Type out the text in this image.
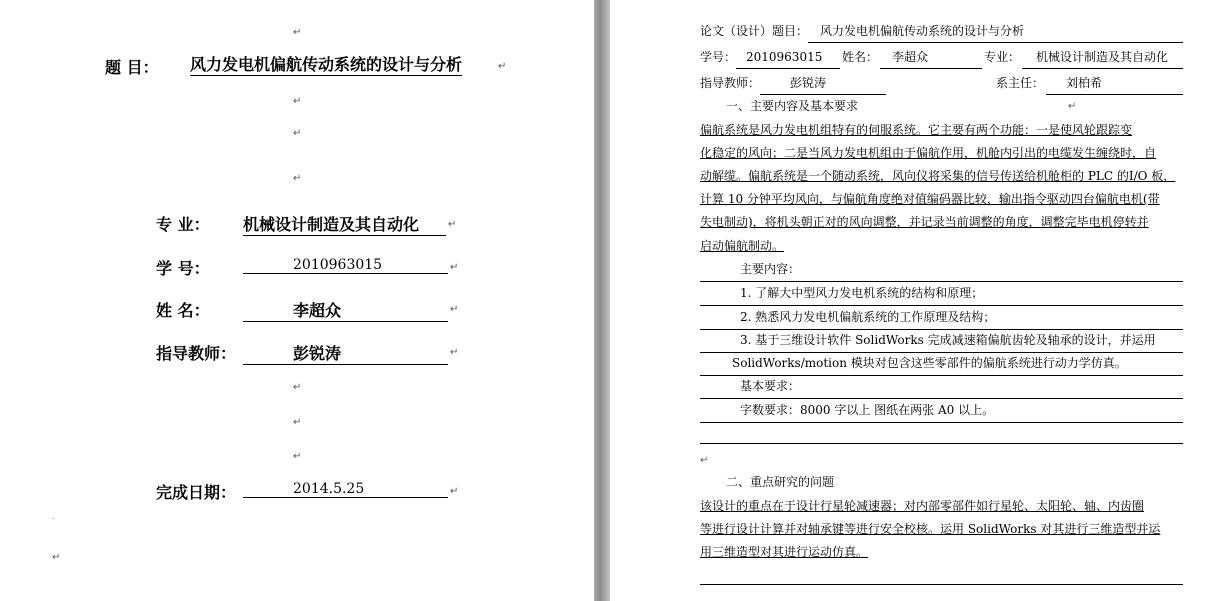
↵
题 目： 风力发电机偏航传动系统的设计与分析	↵
↵
↵
↵
专 业： 机械设计制造及其自动化	↵
学 号：	2010963015	↵
姓 名：	李超众	↵
指导教师：	彭锐涛	↵
↵
↵
↵
完成日期：	2014.5.25	↵
.
↵
论文（设计）题目： 风力发电机偏航传动系统的设计与分析
学号： 2010963015	姓名：	李超众	专业：	机械设计制造及其自动化
指导教师：	彭锐涛	系主任：	刘柏希
一、主要内容及基本要求	↵
偏航系统是风力发电机组特有的伺服系统。它主要有两个功能：一是使风轮跟踪变
化稳定的风向；二是当风力发电机组由于偏航作用，机舱内引出的电缆发生缠绕时，自
动解缆。偏航系统是一个随动系统，风向仪将采集的信号传送给机舱柜的 PLC 的I/O 板，
计算 10 分钟平均风向，与偏航角度绝对值编码器比较，输出指令驱动四台偏航电机(带
失电制动)，将机头朝正对的风向调整，并记录当前调整的角度，调整完毕电机停转并
启动偏航制动。
主要内容：
1. 了解大中型风力发电机系统的结构和原理；
2. 熟悉风力发电机偏航系统的工作原理及结构；
3. 基于三维设计软件 SolidWorks 完成减速箱偏航齿轮及轴承的设计，并运用
SolidWorks/motion 模块对包含这些零部件的偏航系统进行动力学仿真。
基本要求：
字数要求：8000 字以上 图纸在两张 A0 以上。
↵
二、重点研究的问题
该设计的重点在于设计行星轮减速器；对内部零部件如行星轮、太阳轮、轴、内齿圈
等进行设计计算并对轴承键等进行安全校核。运用 SolidWorks 对其进行三维造型并运
用三维造型对其进行运动仿真。
